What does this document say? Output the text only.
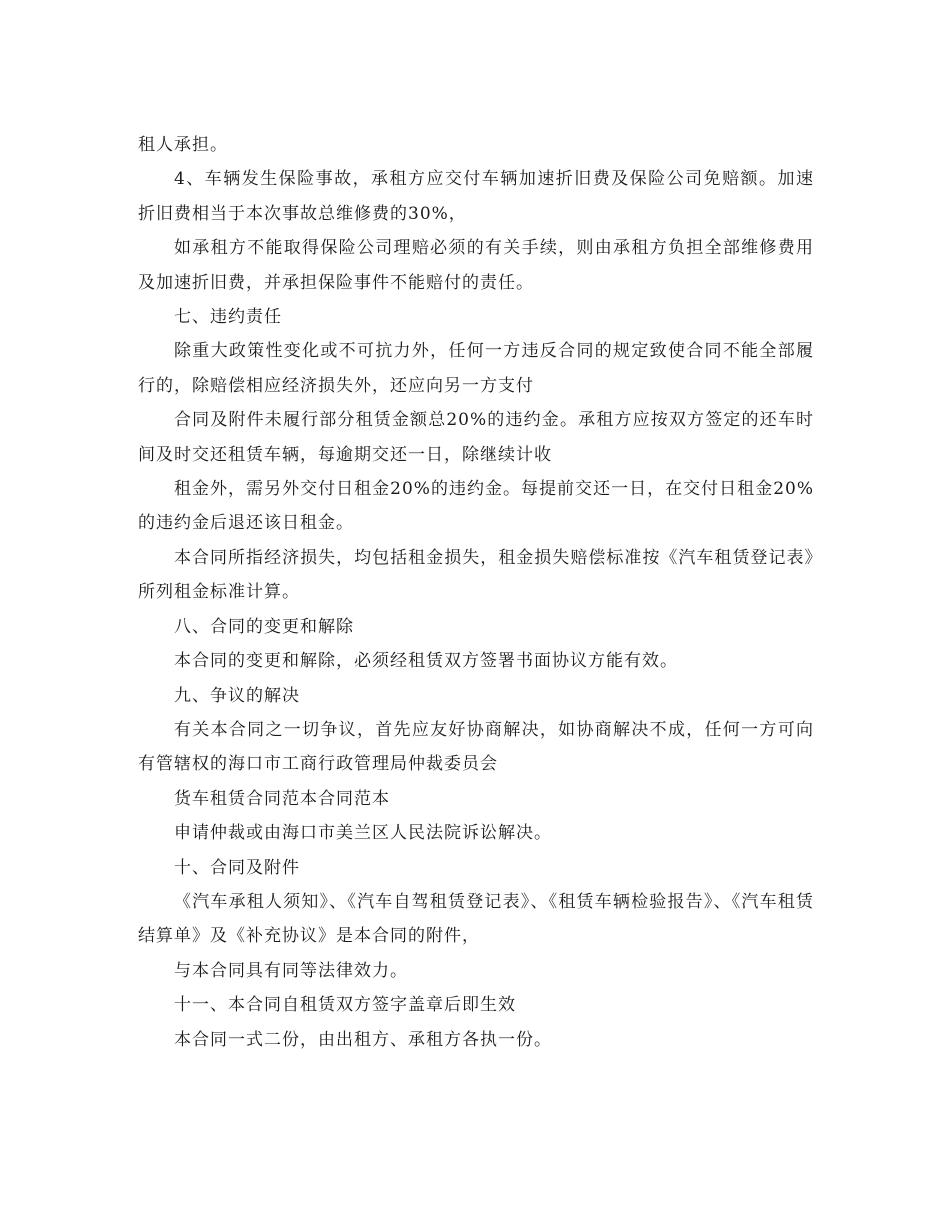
租人承担。

4、车辆发生保险事故，承租方应交付车辆加速折旧费及保险公司免赔额。加速折旧费相当于本次事故总维修费的30%，

如承租方不能取得保险公司理赔必须的有关手续，则由承租方负担全部维修费用及加速折旧费，并承担保险事件不能赔付的责任。

七、违约责任

除重大政策性变化或不可抗力外，任何一方违反合同的规定致使合同不能全部履行的，除赔偿相应经济损失外，还应向另一方支付

合同及附件未履行部分租赁金额总20%的违约金。承租方应按双方签定的还车时间及时交还租赁车辆，每逾期交还一日，除继续计收

租金外，需另外交付日租金20%的违约金。每提前交还一日，在交付日租金20%的违约金后退还该日租金。

本合同所指经济损失，均包括租金损失，租金损失赔偿标准按《汽车租赁登记表》所列租金标准计算。

八、合同的变更和解除

本合同的变更和解除，必须经租赁双方签署书面协议方能有效。

九、争议的解决

有关本合同之一切争议，首先应友好协商解决，如协商解决不成，任何一方可向有管辖权的海口市工商行政管理局仲裁委员会

货车租赁合同范本合同范本

申请仲裁或由海口市美兰区人民法院诉讼解决。

十、合同及附件

《汽车承租人须知》、《汽车自驾租赁登记表》、《租赁车辆检验报告》、《汽车租赁结算单》及《补充协议》是本合同的附件，

与本合同具有同等法律效力。

十一、本合同自租赁双方签字盖章后即生效

本合同一式二份，由出租方、承租方各执一份。
